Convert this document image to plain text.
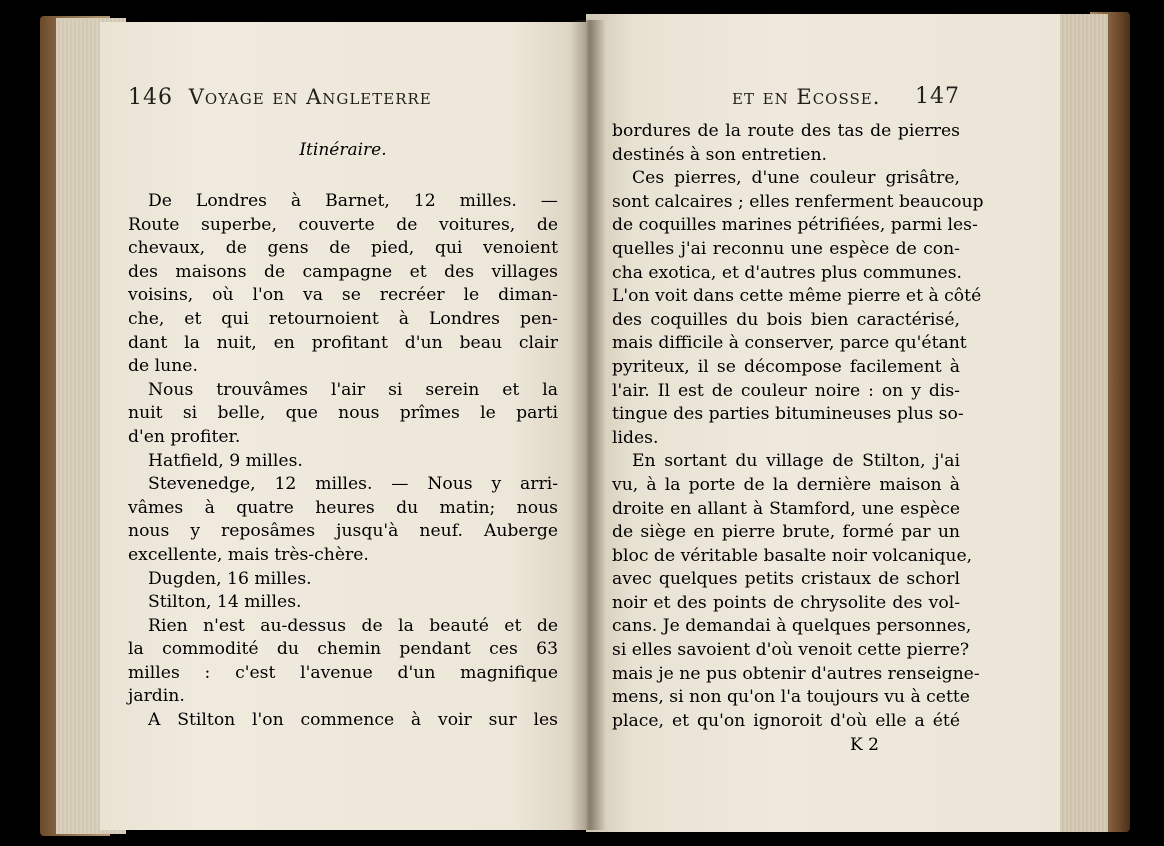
146 Voyage en Angleterre
Itinéraire.

De Londres à Barnet, 12 milles. —

Route superbe, couverte de voitures, de

chevaux, de gens de pied, qui venoient

des maisons de campagne et des villages

voisins, où l'on va se recréer le diman-

che, et qui retournoient à Londres pen-

dant la nuit, en profitant d'un beau clair

de lune.

Nous trouvâmes l'air si serein et la

nuit si belle, que nous prîmes le parti

d'en profiter.

Hatfield, 9 milles.

Stevenedge, 12 milles. — Nous y arri-

vâmes à quatre heures du matin; nous

nous y reposâmes jusqu'à neuf. Auberge

excellente, mais très-chère.

Dugden, 16 milles.

Stilton, 14 milles.

Rien n'est au-dessus de la beauté et de

la commodité du chemin pendant ces 63

milles : c'est l'avenue d'un magnifique

jardin.

A Stilton l'on commence à voir sur les

et en Ecosse. 147

bordures de la route des tas de pierres

destinés à son entretien.

Ces pierres, d'une couleur grisâtre,

sont calcaires ; elles renferment beaucoup

de coquilles marines pétrifiées, parmi les-

quelles j'ai reconnu une espèce de con-

cha exotica, et d'autres plus communes.

L'on voit dans cette même pierre et à côté

des coquilles du bois bien caractérisé,

mais difficile à conserver, parce qu'étant

pyriteux, il se décompose facilement à

l'air. Il est de couleur noire : on y dis-

tingue des parties bitumineuses plus so-

lides.

En sortant du village de Stilton, j'ai

vu, à la porte de la dernière maison à

droite en allant à Stamford, une espèce

de siège en pierre brute, formé par un

bloc de véritable basalte noir volcanique,

avec quelques petits cristaux de schorl

noir et des points de chrysolite des vol-

cans. Je demandai à quelques personnes,

si elles savoient d'où venoit cette pierre?

mais je ne pus obtenir d'autres renseigne-

mens, si non qu'on l'a toujours vu à cette

place, et qu'on ignoroit d'où elle a été

K 2
